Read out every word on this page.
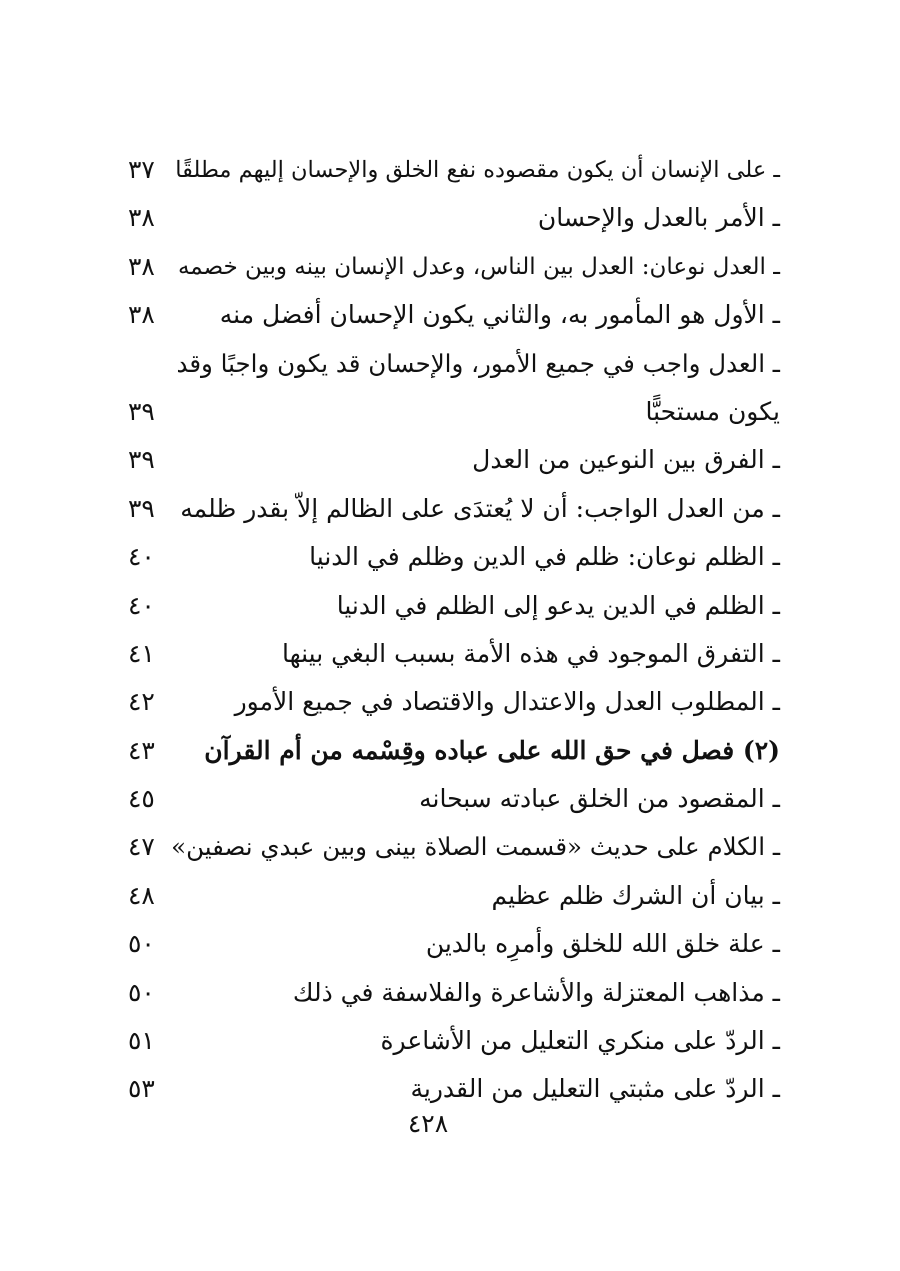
ـ على الإنسان أن يكون مقصوده نفع الخلق والإحسان إليهم مطلقًا
٣٧
ـ الأمر بالعدل والإحسان
٣٨
ـ العدل نوعان: العدل بين الناس، وعدل الإنسان بينه وبين خصمه
٣٨
ـ الأول هو المأمور به، والثاني يكون الإحسان أفضل منه
٣٨
ـ العدل واجب في جميع الأمور، والإحسان قد يكون واجبًا وقد
يكون مستحبًّا
٣٩
ـ الفرق بين النوعين من العدل
٣٩
ـ من العدل الواجب: أن لا يُعتدَى على الظالم إلاّ بقدر ظلمه
٣٩
ـ الظلم نوعان: ظلم في الدين وظلم في الدنيا
٤٠
ـ الظلم في الدين يدعو إلى الظلم في الدنيا
٤٠
ـ التفرق الموجود في هذه الأمة بسبب البغي بينها
٤١
ـ المطلوب العدل والاعتدال والاقتصاد في جميع الأمور
٤٢
(٢) فصل في حق الله على عباده وقِسْمه من أم القرآن
٤٣
ـ المقصود من الخلق عبادته سبحانه
٤٥
ـ الكلام على حديث «قسمت الصلاة بينى وبين عبدي نصفين»
٤٧
ـ بيان أن الشرك ظلم عظيم
٤٨
ـ علة خلق الله للخلق وأمرِه بالدين
٥٠
ـ مذاهب المعتزلة والأشاعرة والفلاسفة في ذلك
٥٠
ـ الردّ على منكري التعليل من الأشاعرة
٥١
ـ الردّ على مثبتي التعليل من القدرية
٥٣
٤٢٨
